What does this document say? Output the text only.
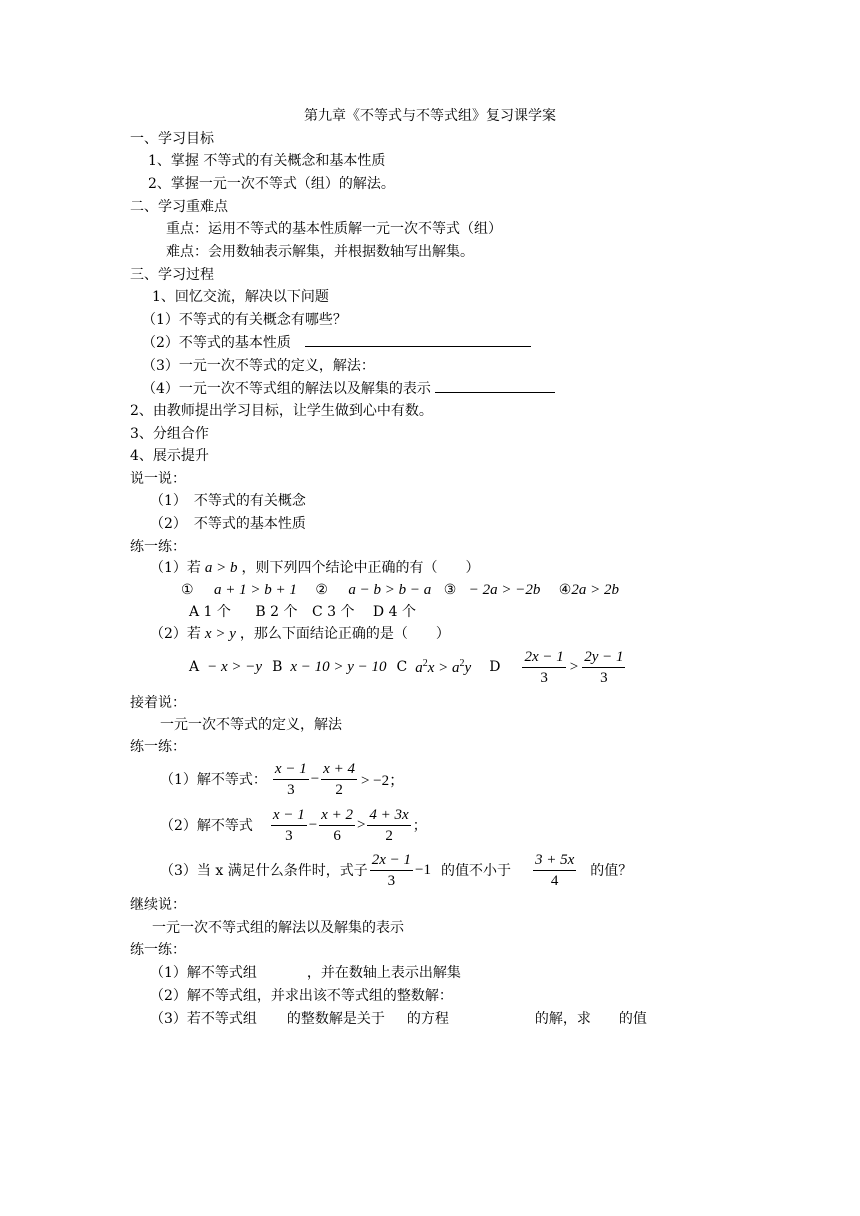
第九章《不等式与不等式组》复习课学案
一、学习目标
1、掌握 不等式的有关概念和基本性质
2、掌握一元一次不等式（组）的解法。
二、学习重难点
重点：运用不等式的基本性质解一元一次不等式（组）
难点：会用数轴表示解集，并根据数轴写出解集。
三、学习过程
1、回忆交流，解决以下问题
（1）不等式的有关概念有哪些？
（2）不等式的基本性质
（3）一元一次不等式的定义，解法：
（4）一元一次不等式组的解法以及解集的表示
2、由教师提出学习目标，让学生做到心中有数。
3、分组合作
4、展示提升
说一说：
（1）　不等式的有关概念
（2）　不等式的基本性质
练一练：
（1）若 a > b ，则下列四个结论中正确的有（　　）
① a + 1 > b + 1 ② a − b > b − a ③ − 2a > −2b ④2a > 2b
A 1 个 B 2 个 C 3 个 D 4 个
（2）若 x > y ，那么下面结论正确的是（　　）
A − x > −y B x − 10 > y − 10 C $a^2x > a^2y$ D $\frac{2x - 1}{3} > \frac{2y - 1}{3}$
接着说：
一元一次不等式的定义，解法
练一练：
（1）解不等式： $\frac{x - 1}{3} - \frac{x + 4}{2} > -2$；
（2）解不等式 $\frac{x - 1}{3} - \frac{x + 2}{6} > \frac{4 + 3x}{2}$ ；
（3）当 x 满足什么条件时，式子 $\frac{2x - 1}{3} -1$ 的值不小于 $\frac{3 + 5x}{4}$ 的值？
继续说：
一元一次不等式组的解法以及解集的表示
练一练：
（1）解不等式组	，并在数轴上表示出解集
（2）解不等式组，并求出该不等式组的整数解：
（3）若不等式组 的整数解是关于 的方程	的解，求 的值
